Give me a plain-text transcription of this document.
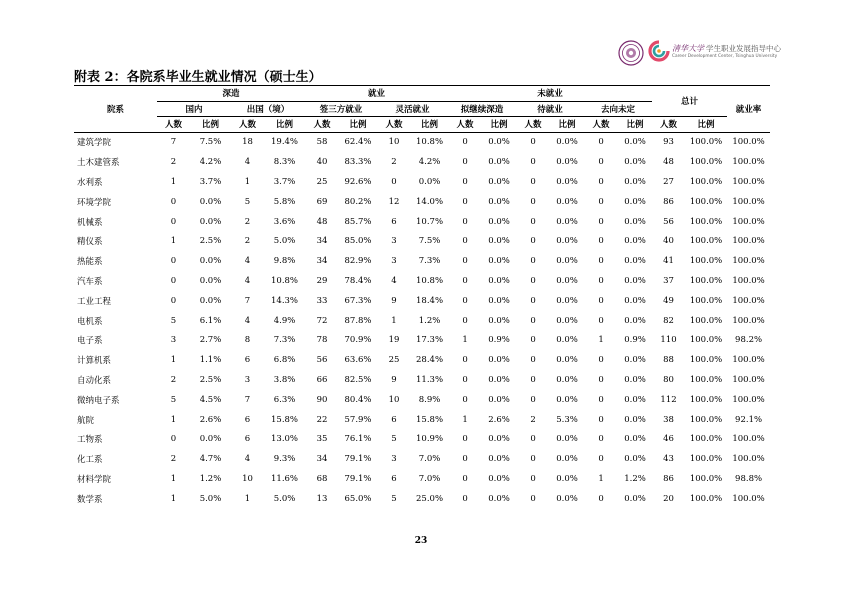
清华大学 学生职业发展指导中心
Career Development Center, Tsinghua University
附表 2：各院系毕业生就业情况（硕士生）
院系	深造				就业				未就业						总计		就业率
	国内		出国（境）		签三方就业		灵活就业		拟继续深造		待就业		去向未定				
	人数	比例	人数	比例	人数	比例	人数	比例	人数	比例	人数	比例	人数	比例	人数	比例	
建筑学院	7	7.5%	18	19.4%	58	62.4%	10	10.8%	0	0.0%	0	0.0%	0	0.0%	93	100.0%	100.0%
土木建管系	2	4.2%	4	8.3%	40	83.3%	2	4.2%	0	0.0%	0	0.0%	0	0.0%	48	100.0%	100.0%
水利系	1	3.7%	1	3.7%	25	92.6%	0	0.0%	0	0.0%	0	0.0%	0	0.0%	27	100.0%	100.0%
环境学院	0	0.0%	5	5.8%	69	80.2%	12	14.0%	0	0.0%	0	0.0%	0	0.0%	86	100.0%	100.0%
机械系	0	0.0%	2	3.6%	48	85.7%	6	10.7%	0	0.0%	0	0.0%	0	0.0%	56	100.0%	100.0%
精仪系	1	2.5%	2	5.0%	34	85.0%	3	7.5%	0	0.0%	0	0.0%	0	0.0%	40	100.0%	100.0%
热能系	0	0.0%	4	9.8%	34	82.9%	3	7.3%	0	0.0%	0	0.0%	0	0.0%	41	100.0%	100.0%
汽车系	0	0.0%	4	10.8%	29	78.4%	4	10.8%	0	0.0%	0	0.0%	0	0.0%	37	100.0%	100.0%
工业工程	0	0.0%	7	14.3%	33	67.3%	9	18.4%	0	0.0%	0	0.0%	0	0.0%	49	100.0%	100.0%
电机系	5	6.1%	4	4.9%	72	87.8%	1	1.2%	0	0.0%	0	0.0%	0	0.0%	82	100.0%	100.0%
电子系	3	2.7%	8	7.3%	78	70.9%	19	17.3%	1	0.9%	0	0.0%	1	0.9%	110	100.0%	98.2%
计算机系	1	1.1%	6	6.8%	56	63.6%	25	28.4%	0	0.0%	0	0.0%	0	0.0%	88	100.0%	100.0%
自动化系	2	2.5%	3	3.8%	66	82.5%	9	11.3%	0	0.0%	0	0.0%	0	0.0%	80	100.0%	100.0%
微纳电子系	5	4.5%	7	6.3%	90	80.4%	10	8.9%	0	0.0%	0	0.0%	0	0.0%	112	100.0%	100.0%
航院	1	2.6%	6	15.8%	22	57.9%	6	15.8%	1	2.6%	2	5.3%	0	0.0%	38	100.0%	92.1%
工物系	0	0.0%	6	13.0%	35	76.1%	5	10.9%	0	0.0%	0	0.0%	0	0.0%	46	100.0%	100.0%
化工系	2	4.7%	4	9.3%	34	79.1%	3	7.0%	0	0.0%	0	0.0%	0	0.0%	43	100.0%	100.0%
材料学院	1	1.2%	10	11.6%	68	79.1%	6	7.0%	0	0.0%	0	0.0%	1	1.2%	86	100.0%	98.8%
数学系	1	5.0%	1	5.0%	13	65.0%	5	25.0%	0	0.0%	0	0.0%	0	0.0%	20	100.0%	100.0%
23
